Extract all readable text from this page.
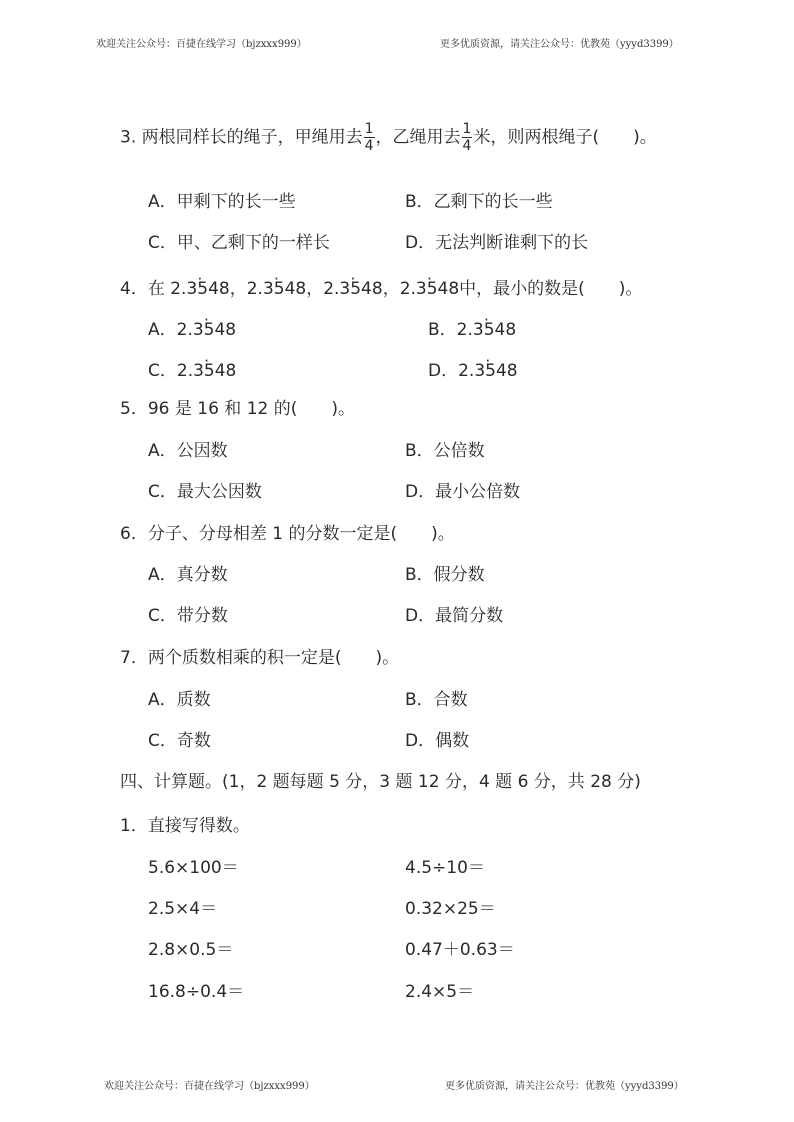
欢迎关注公众号：百捷在线学习（bjzxxx999）	更多优质资源，请关注公众号：优教苑（yyyd3399）
3. 两根同样长的绳子，甲绳用去 $\frac{1}{4}$ ，乙绳用去 $\frac{1}{4}$ 米，则两根绳子(　　)。
A．甲剩下的长一些	B．乙剩下的长一些
C．甲、乙剩下的一样长	D．无法判断谁剩下的长
4．在 · 2.3548，· 2.3548，· 2.3548，· 2.3548中，最小的数是(　　)。
A．· 2.3548	B．· 2.3548
C．· 2.3548	D．· 2.3548
5．96 是 16 和 12 的(　　)。
A．公因数	B．公倍数
C．最大公因数	D．最小公倍数
6．分子、分母相差 1 的分数一定是(　　)。
A．真分数	B．假分数
C．带分数	D．最简分数
7．两个质数相乘的积一定是(　　)。
A．质数	B．合数
C．奇数	D．偶数
四、计算题。(1，2 题每题 5 分，3 题 12 分，4 题 6 分，共 28 分)
1．直接写得数。
5.6×100＝	4.5÷10＝
2.5×4＝	0.32×25＝
2.8×0.5＝	0.47＋0.63＝
16.8÷0.4＝	2.4×5＝
欢迎关注公众号：百捷在线学习（bjzxxx999）	更多优质资源，请关注公众号：优教苑（yyyd3399）
